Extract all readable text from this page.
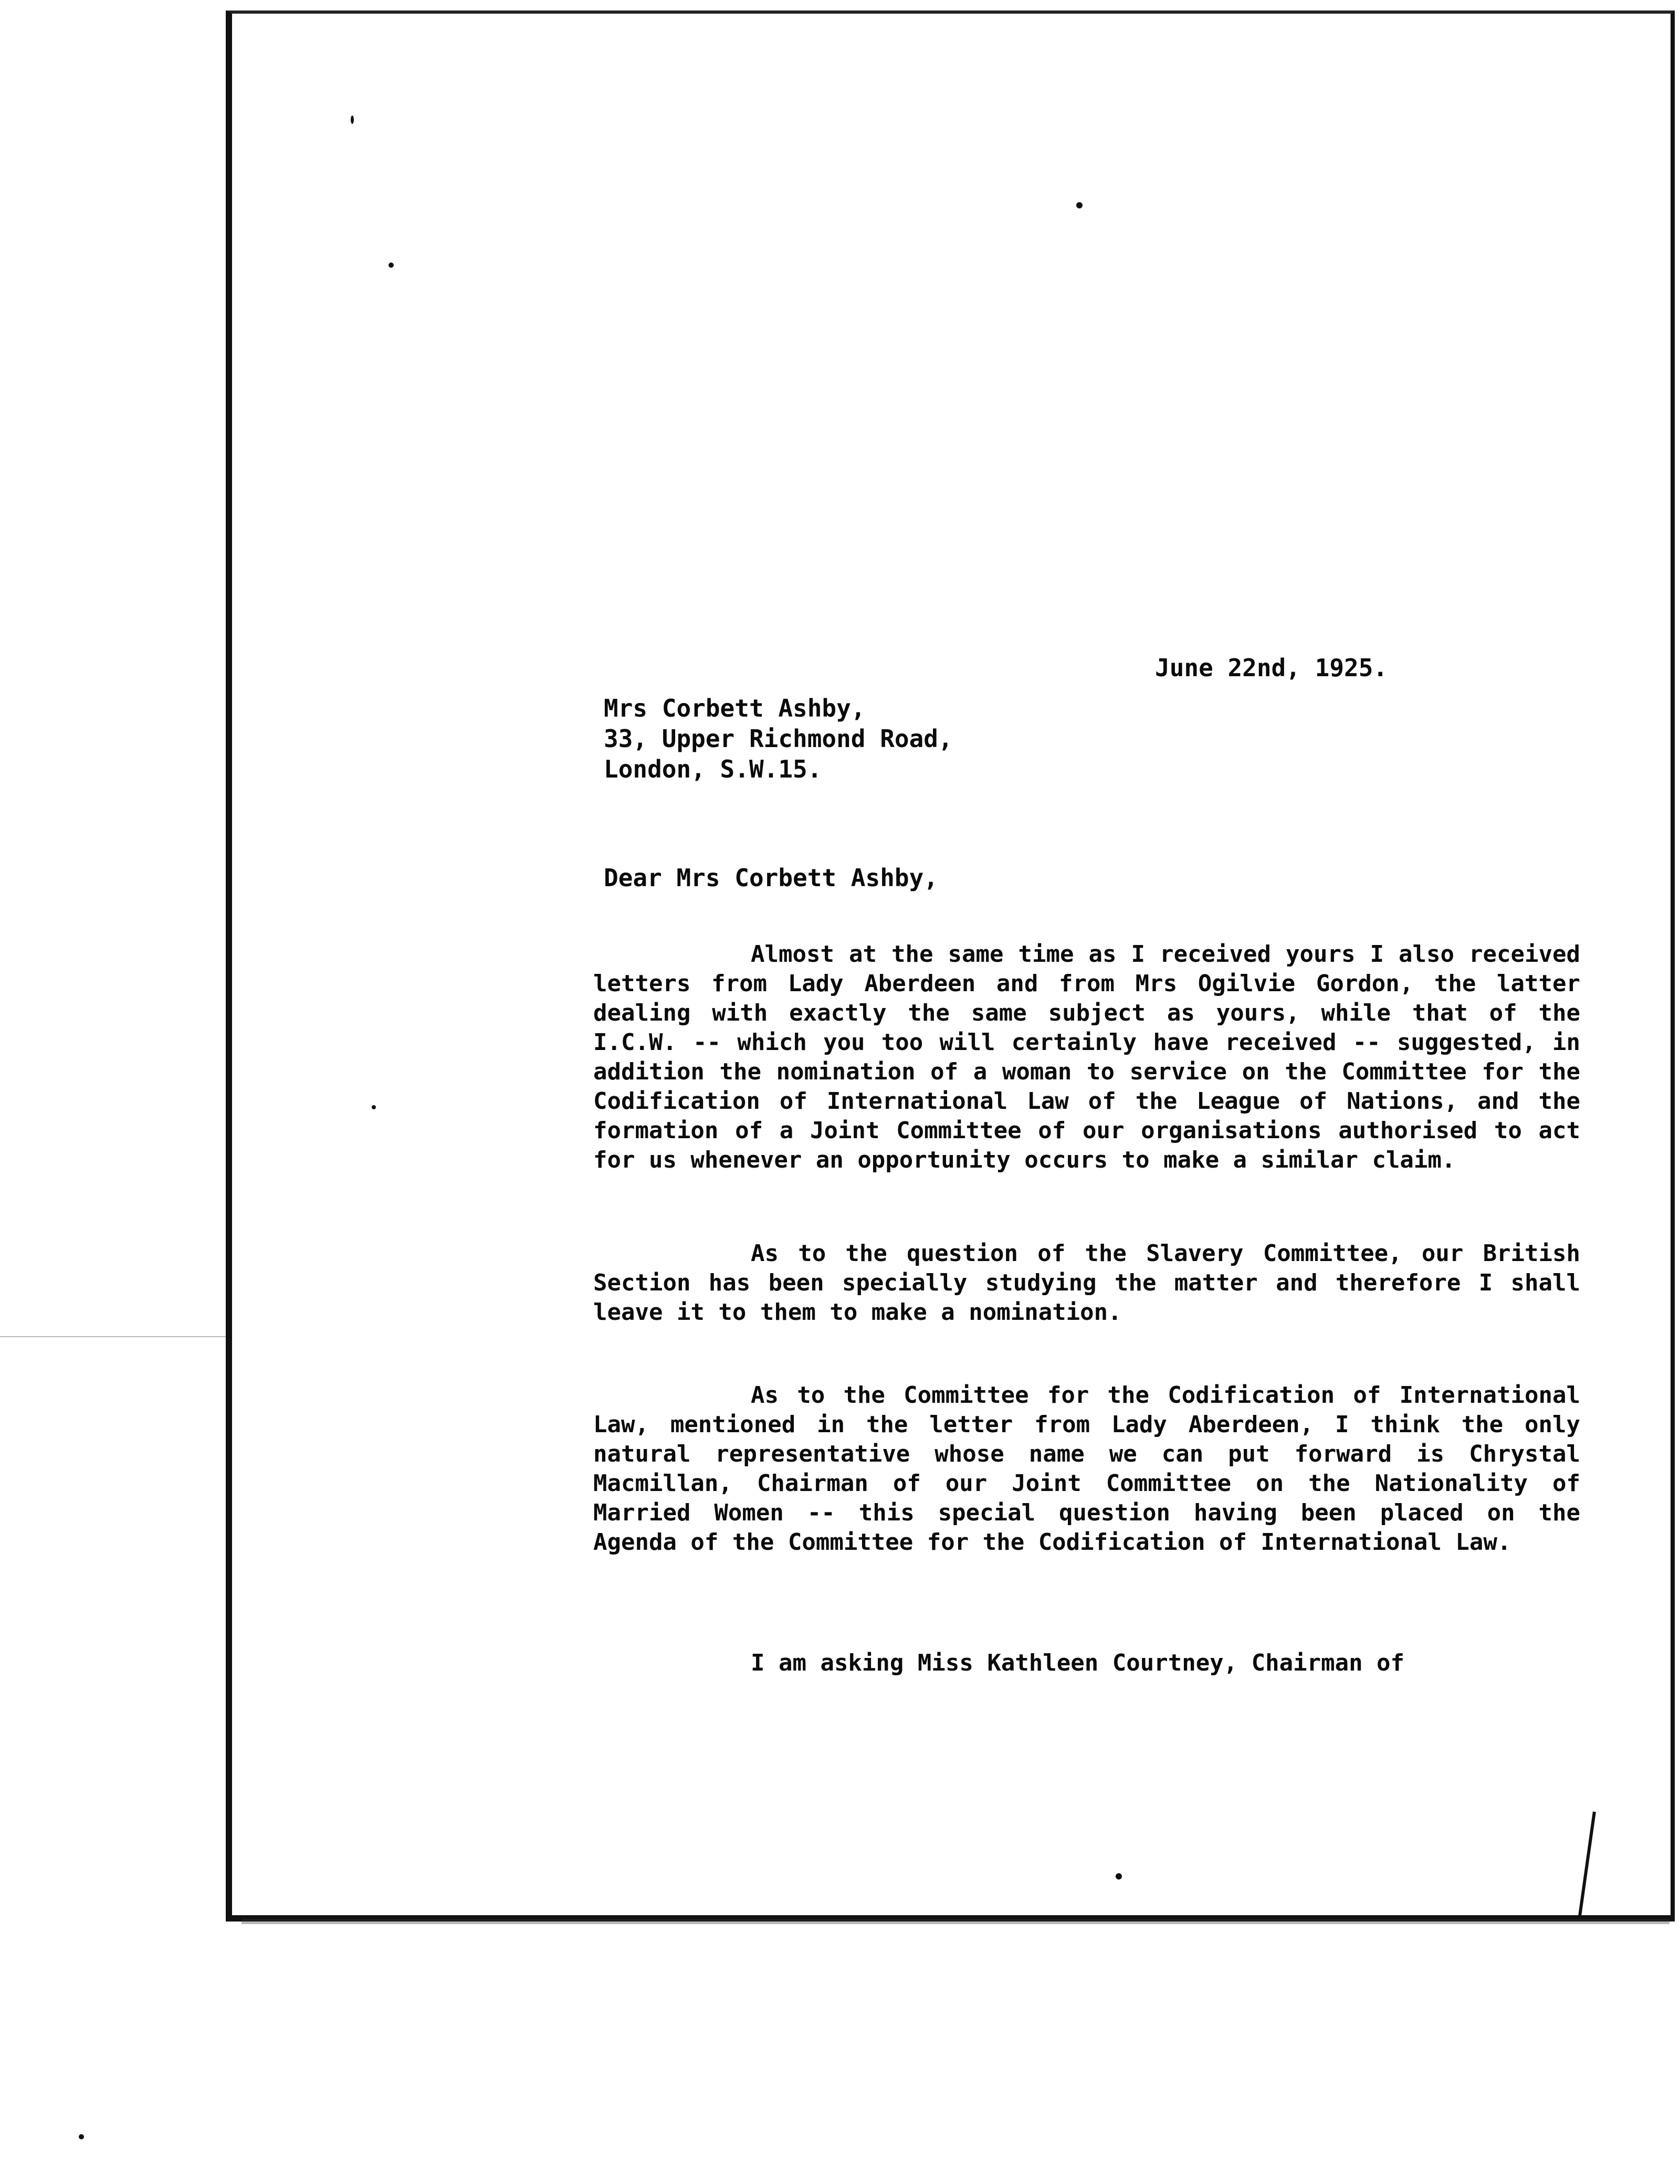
June 22nd, 1925.
Mrs Corbett Ashby,
33, Upper Richmond Road,
London, S.W.15.
Dear Mrs Corbett Ashby,
Almost at the same time as I received yours I also received letters from Lady Aberdeen and from Mrs Ogilvie Gordon, the latter dealing with exactly the same subject as yours, while that of the I.C.W. -- which you too will certainly have received -- suggested, in addition the nomination of a woman to service on the Committee for the Codification of International Law of the League of Nations, and the formation of a Joint Committee of our organisations authorised to act for us whenever an opportunity occurs to make a similar claim.
As to the question of the Slavery Committee, our British Section has been specially studying the matter and therefore I shall leave it to them to make a nomination.
As to the Committee for the Codification of International Law, mentioned in the letter from Lady Aberdeen, I think the only natural representative whose name we can put forward is Chrystal Macmillan, Chairman of our Joint Committee on the Nationality of Married Women -- this special question having been placed on the Agenda of the Committee for the Codification of International Law.
I am asking Miss Kathleen Courtney, Chairman of
